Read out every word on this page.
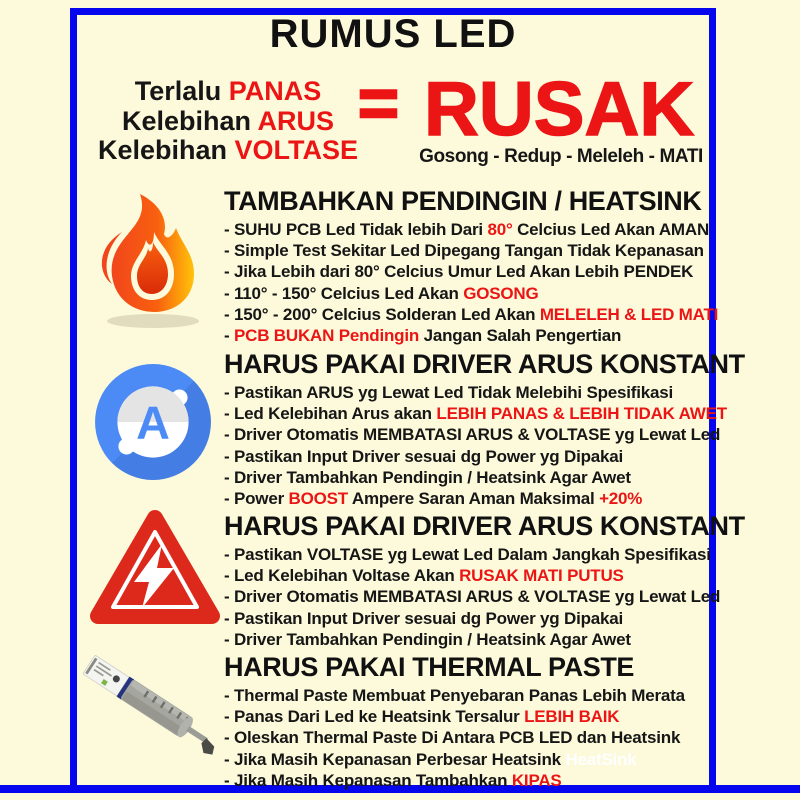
RUMUS LED
Terlalu PANAS
Kelebihan ARUS
Kelebihan VOLTASE
= RUSAK
Gosong - Redup - Meleleh - MATI
A
TAMBAHKAN PENDINGIN / HEATSINK
- SUHU PCB Led Tidak lebih Dari 80° Celcius Led Akan AMAN
- Simple Test Sekitar Led Dipegang Tangan Tidak Kepanasan
- Jika Lebih dari 80° Celcius Umur Led Akan Lebih PENDEK
- 110° - 150° Celcius Led Akan GOSONG
- 150° - 200° Celcius Solderan Led Akan MELELEH & LED MATI
- PCB BUKAN Pendingin Jangan Salah Pengertian
HARUS PAKAI DRIVER ARUS KONSTANT
- Pastikan ARUS yg Lewat Led Tidak Melebihi Spesifikasi
- Led Kelebihan Arus akan LEBIH PANAS & LEBIH TIDAK AWET
- Driver Otomatis MEMBATASI ARUS & VOLTASE yg Lewat Led
- Pastikan Input Driver sesuai dg Power yg Dipakai
- Driver Tambahkan Pendingin / Heatsink Agar Awet
- Power BOOST Ampere Saran Aman Maksimal +20%
HARUS PAKAI DRIVER ARUS KONSTANT
- Pastikan VOLTASE yg Lewat Led Dalam Jangkah Spesifikasi
- Led Kelebihan Voltase Akan RUSAK MATI PUTUS
- Driver Otomatis MEMBATASI ARUS & VOLTASE yg Lewat Led
- Pastikan Input Driver sesuai dg Power yg Dipakai
- Driver Tambahkan Pendingin / Heatsink Agar Awet
HARUS PAKAI THERMAL PASTE
- Thermal Paste Membuat Penyebaran Panas Lebih Merata
- Panas Dari Led ke Heatsink Tersalur LEBIH BAIK
- Oleskan Thermal Paste Di Antara PCB LED dan Heatsink
- Jika Masih Kepanasan Perbesar Heatsink HeatSink
- Jika Masih Kepanasan Tambahkan KIPAS
